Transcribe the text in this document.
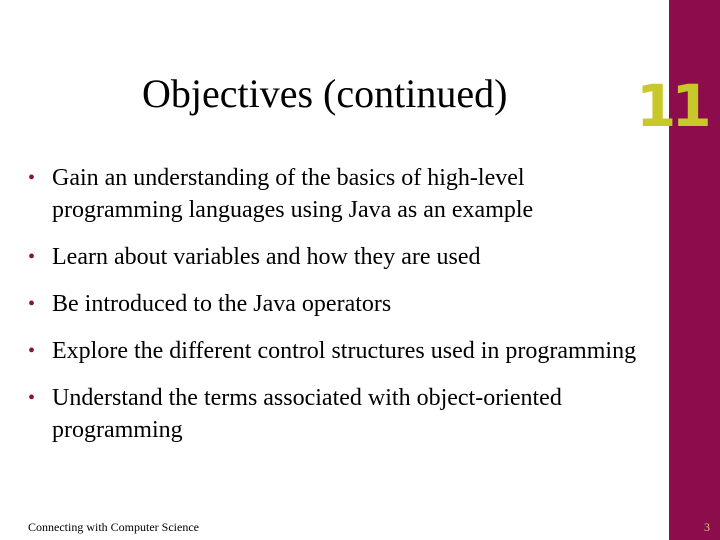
Objectives (continued) 11
• Gain an understanding of the basics of high-level programming languages using Java as an example
• Learn about variables and how they are used
• Be introduced to the Java operators
• Explore the different control structures used in programming
• Understand the terms associated with object-oriented programming
Connecting with Computer Science	3
